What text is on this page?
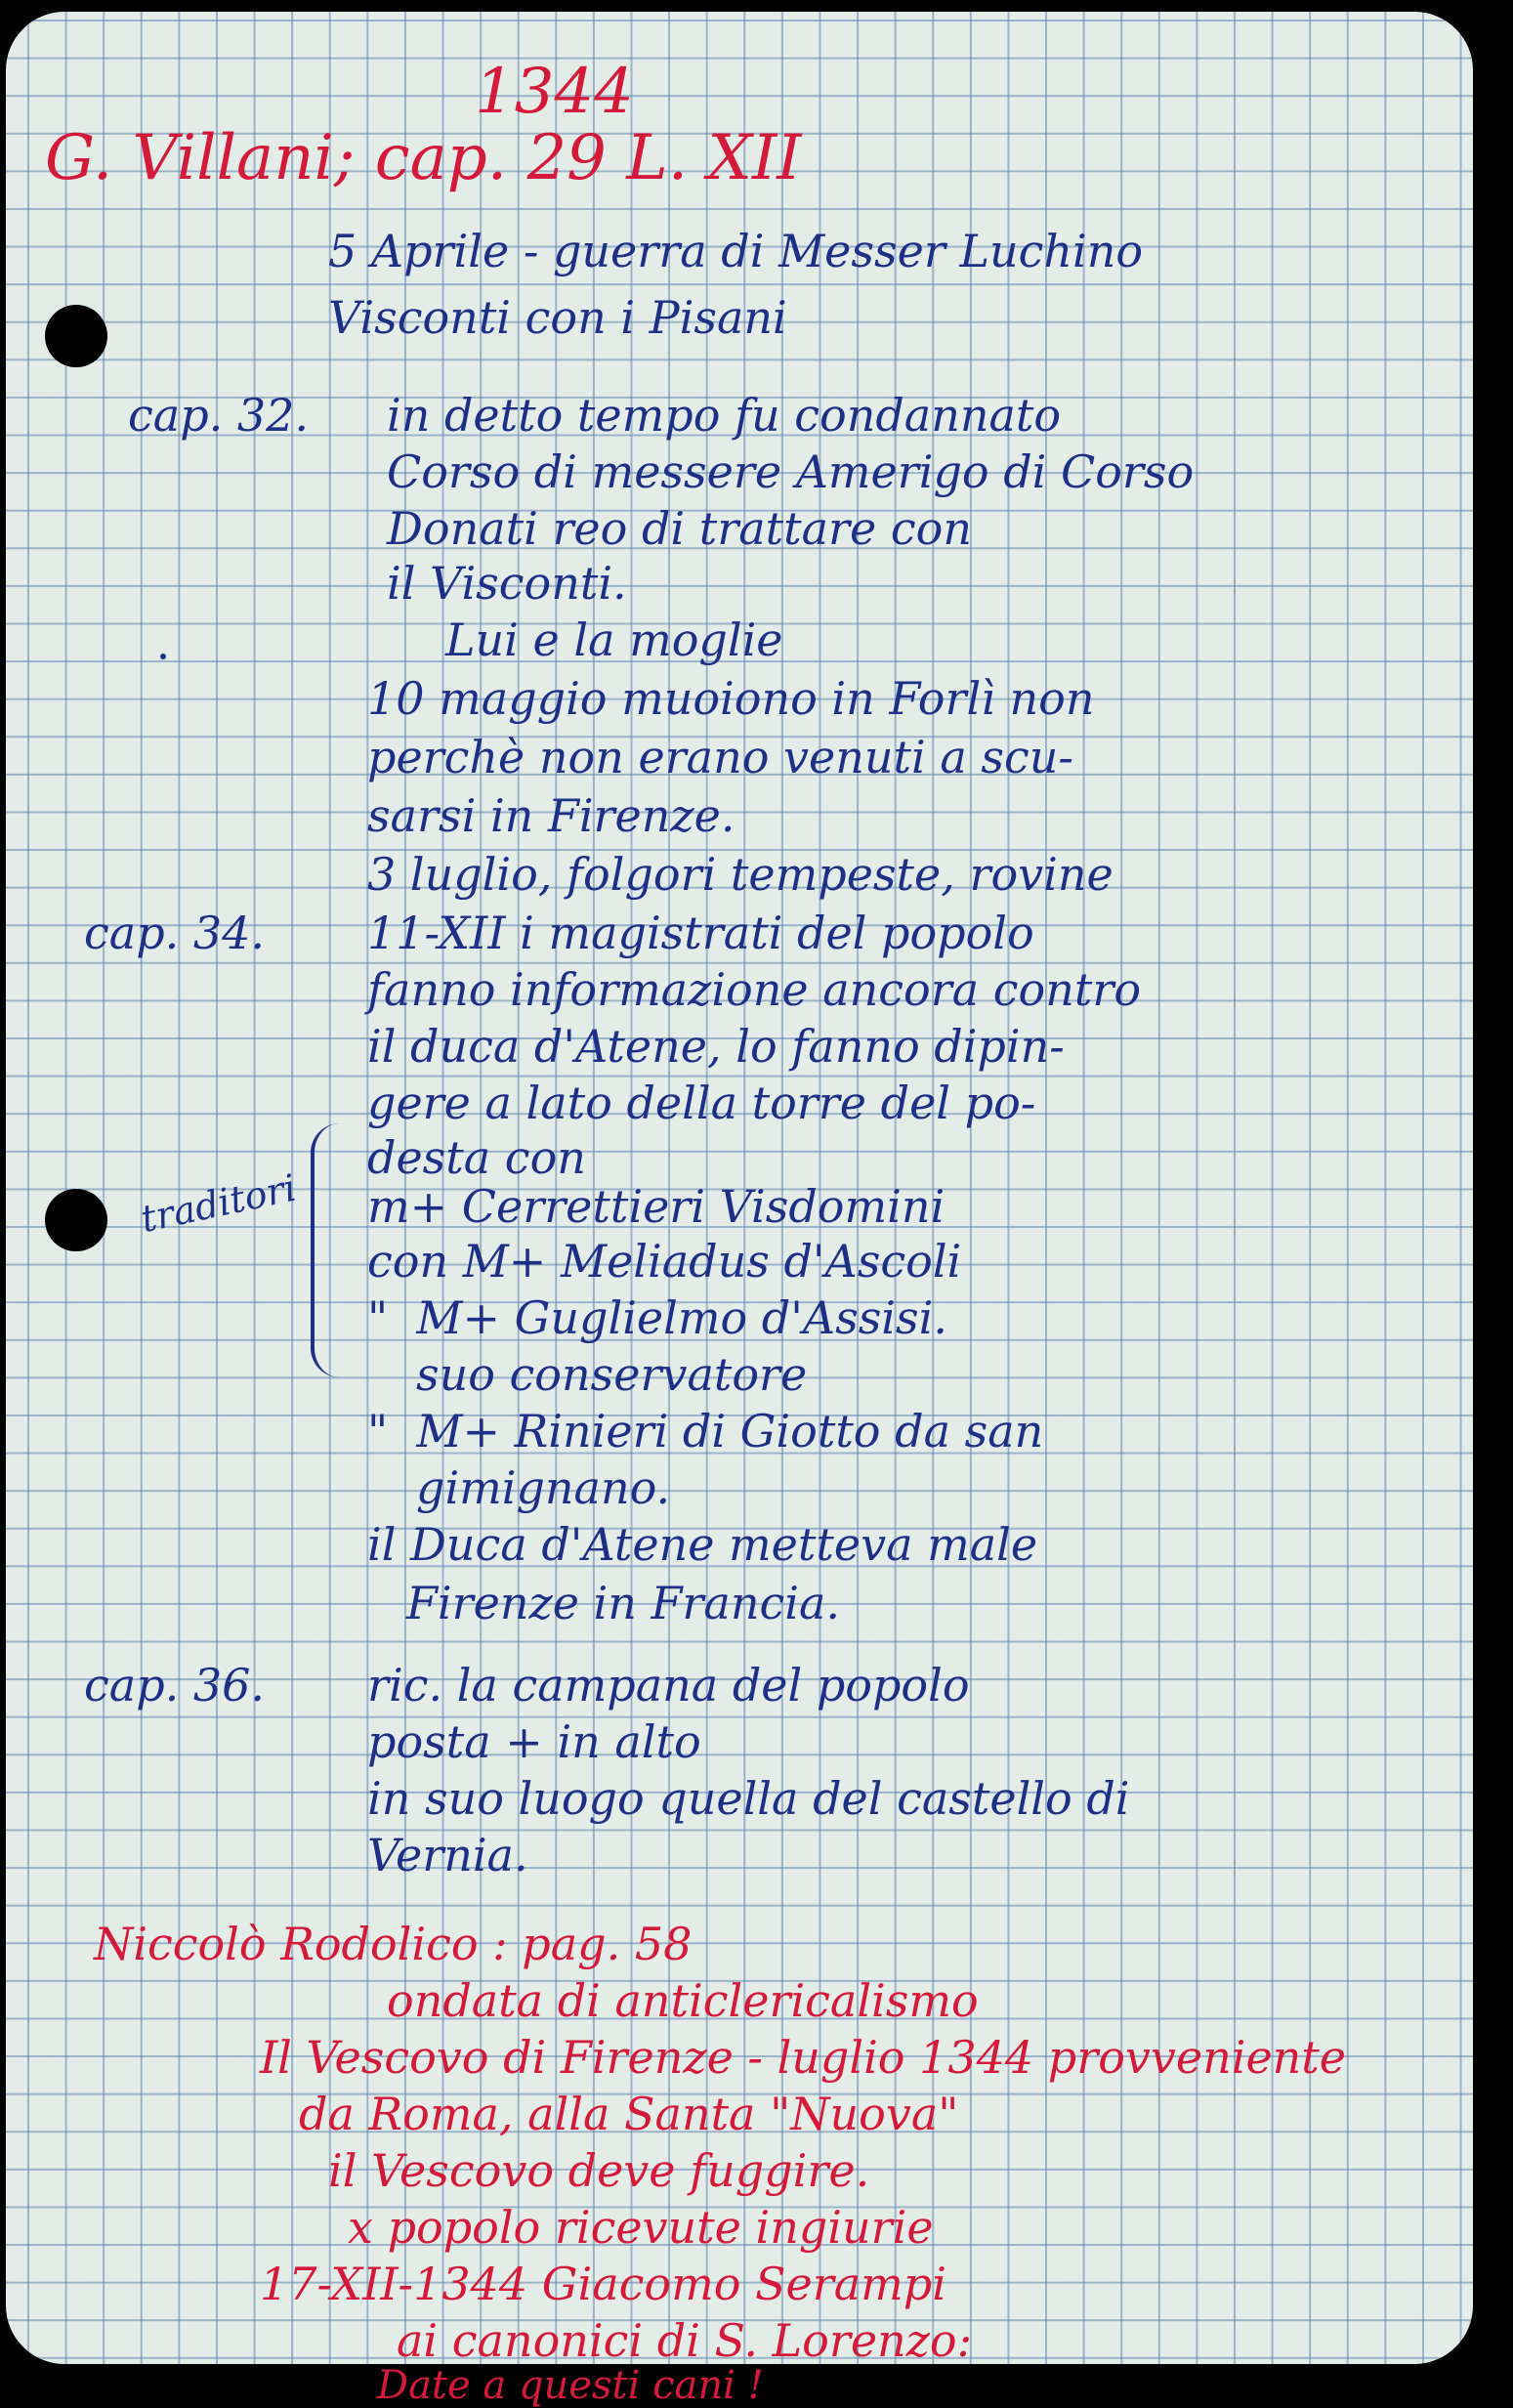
1344
G. Villani; cap. 29 L. XII
5 Aprile - guerra di Messer Luchino
Visconti con i Pisani
cap. 32. in detto tempo fu condannato
Corso di messere Amerigo di Corso
Donati reo di trattare con
il Visconti.
Lui e la moglie
10 maggio muoiono in Forlì non
perchè non erano venuti a scu-
sarsi in Firenze.
3 luglio, folgori tempeste, rovine
cap. 34. 11-XII i magistrati del popolo
fanno informazione ancora contro
il duca d'Atene, lo fanno dipin-
gere a lato della torre del po-
desta con
m+ Cerrettieri Visdomini
con M+ Meliadus d'Ascoli
"  M+ Guglielmo d'Assisi.
suo conservatore
"  M+ Rinieri di Giotto da san
gimignano.
il Duca d'Atene metteva male
Firenze in Francia.
traditori
cap. 36. ric. la campana del popolo
posta + in alto
in suo luogo quella del castello di
Vernia.
Niccolò Rodolico : pag. 58
ondata di anticlericalismo
Il Vescovo di Firenze - luglio 1344 provveniente
da Roma, alla Santa "Nuova"
il Vescovo deve fuggire.
x popolo ricevute ingiurie
17-XII-1344 Giacomo Serampi
ai canonici di S. Lorenzo:
Date a questi cani !
